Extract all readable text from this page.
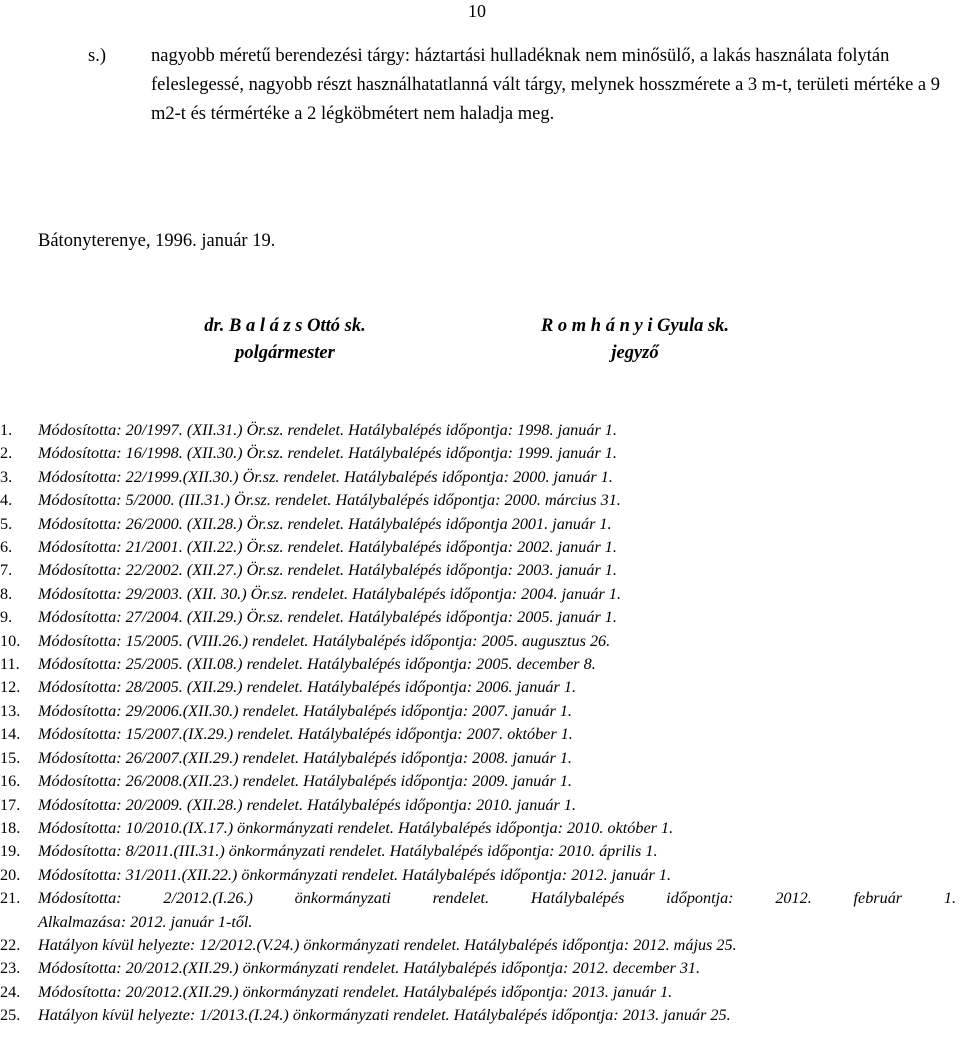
10
s.) nagyobb méretű berendezési tárgy: háztartási hulladéknak nem minősülő, a lakás használata folytán feleslegessé, nagyobb részt használhatatlanná vált tárgy, melynek hosszmérete a 3 m-t, területi mértéke a 9 m2-t és térmértéke a 2 légköbmétert nem haladja meg.
Bátonyterenye, 1996. január 19.
dr. B a l á z s Ottó sk.
polgármester
R o m h á n y i Gyula sk.
jegyző
1. Módosította: 20/1997. (XII.31.) Ör.sz. rendelet. Hatálybalépés időpontja: 1998. január 1.
2. Módosította: 16/1998. (XII.30.) Ör.sz. rendelet. Hatálybalépés időpontja: 1999. január 1.
3. Módosította: 22/1999.(XII.30.) Ör.sz. rendelet. Hatálybalépés időpontja: 2000. január 1.
4. Módosította: 5/2000. (III.31.) Ör.sz. rendelet. Hatálybalépés időpontja: 2000. március 31.
5. Módosította: 26/2000. (XII.28.) Ör.sz. rendelet. Hatálybalépés időpontja 2001. január 1.
6. Módosította: 21/2001. (XII.22.) Ör.sz. rendelet. Hatálybalépés időpontja: 2002. január 1.
7. Módosította: 22/2002. (XII.27.) Ör.sz. rendelet. Hatálybalépés időpontja: 2003. január 1.
8. Módosította: 29/2003. (XII. 30.) Ör.sz. rendelet. Hatálybalépés időpontja: 2004. január 1.
9. Módosította: 27/2004. (XII.29.) Ör.sz. rendelet. Hatálybalépés időpontja: 2005. január 1.
10. Módosította: 15/2005. (VIII.26.) rendelet. Hatálybalépés időpontja: 2005. augusztus 26.
11. Módosította: 25/2005. (XII.08.) rendelet. Hatálybalépés időpontja: 2005. december 8.
12. Módosította: 28/2005. (XII.29.) rendelet. Hatálybalépés időpontja: 2006. január 1.
13. Módosította: 29/2006.(XII.30.) rendelet. Hatálybalépés időpontja: 2007. január 1.
14. Módosította: 15/2007.(IX.29.) rendelet. Hatálybalépés időpontja: 2007. október 1.
15. Módosította: 26/2007.(XII.29.) rendelet. Hatálybalépés időpontja: 2008. január 1.
16. Módosította: 26/2008.(XII.23.) rendelet. Hatálybalépés időpontja: 2009. január 1.
17. Módosította: 20/2009. (XII.28.) rendelet. Hatálybalépés időpontja: 2010. január 1.
18. Módosította: 10/2010.(IX.17.) önkormányzati rendelet. Hatálybalépés időpontja: 2010. október 1.
19. Módosította: 8/2011.(III.31.) önkormányzati rendelet. Hatálybalépés időpontja: 2010. április 1.
20. Módosította: 31/2011.(XII.22.) önkormányzati rendelet. Hatálybalépés időpontja: 2012. január 1.
21. Módosította: 2/2012.(I.26.) önkormányzati rendelet. Hatálybalépés időpontja: 2012. február 1.
Alkalmazása: 2012. január 1-től.
22. Hatályon kívül helyezte: 12/2012.(V.24.) önkormányzati rendelet. Hatálybalépés időpontja: 2012. május 25.
23. Módosította: 20/2012.(XII.29.) önkormányzati rendelet. Hatálybalépés időpontja: 2012. december 31.
24. Módosította: 20/2012.(XII.29.) önkormányzati rendelet. Hatálybalépés időpontja: 2013. január 1.
25. Hatályon kívül helyezte: 1/2013.(I.24.) önkormányzati rendelet. Hatálybalépés időpontja: 2013. január 25.
